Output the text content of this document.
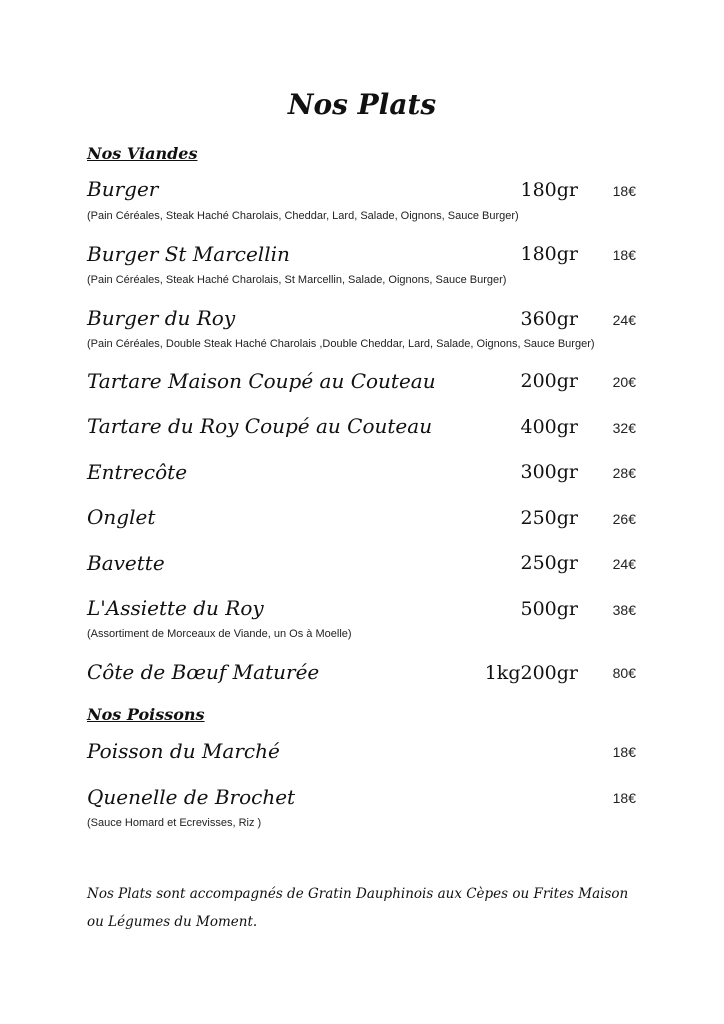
Nos Plats
Nos Viandes
Burger	180gr	18€
(Pain Céréales, Steak Haché Charolais, Cheddar, Lard, Salade, Oignons, Sauce Burger)
Burger St Marcellin	180gr	18€
(Pain Céréales, Steak Haché Charolais, St Marcellin, Salade, Oignons, Sauce Burger)
Burger du Roy	360gr	24€
(Pain Céréales, Double Steak Haché Charolais ,Double Cheddar, Lard, Salade, Oignons, Sauce Burger)
Tartare Maison Coupé au Couteau	200gr	20€
Tartare du Roy Coupé au Couteau	400gr	32€
Entrecôte	300gr	28€
Onglet	250gr	26€
Bavette	250gr	24€
L'Assiette du Roy	500gr	38€
(Assortiment de Morceaux de Viande, un Os à Moelle)
Côte de Bœuf Maturée	1kg200gr	80€
Nos Poissons
Poisson du Marché	18€
Quenelle de Brochet	18€
(Sauce Homard et Ecrevisses, Riz )
Nos Plats sont accompagnés de Gratin Dauphinois aux Cèpes ou Frites Maison ou Légumes du Moment.
